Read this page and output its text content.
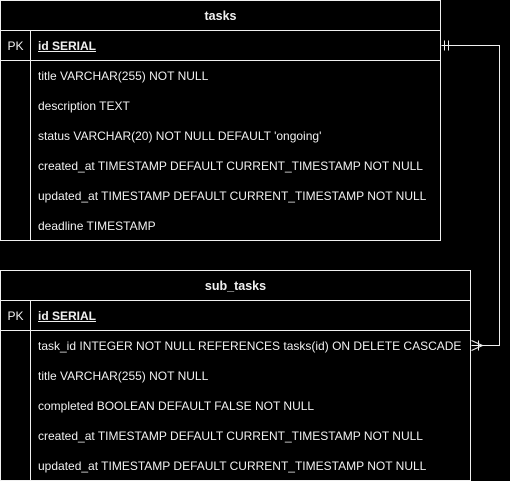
tasks
PK	id SERIAL
title VARCHAR(255) NOT NULL
description TEXT
status VARCHAR(20) NOT NULL DEFAULT 'ongoing'
created_at TIMESTAMP DEFAULT CURRENT_TIMESTAMP NOT NULL
updated_at TIMESTAMP DEFAULT CURRENT_TIMESTAMP NOT NULL
deadline TIMESTAMP
sub_tasks
PK	id SERIAL
task_id INTEGER NOT NULL REFERENCES tasks(id) ON DELETE CASCADE
title VARCHAR(255) NOT NULL
completed BOOLEAN DEFAULT FALSE NOT NULL
created_at TIMESTAMP DEFAULT CURRENT_TIMESTAMP NOT NULL
updated_at TIMESTAMP DEFAULT CURRENT_TIMESTAMP NOT NULL
